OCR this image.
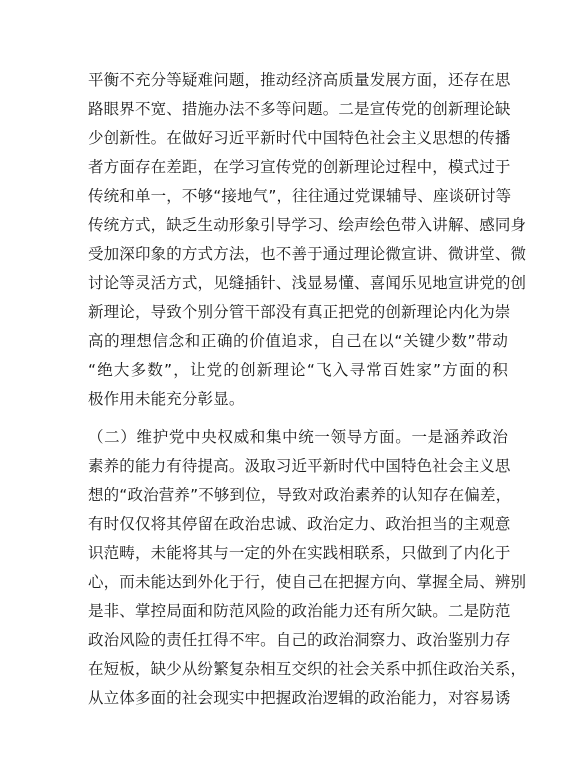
平衡不充分等疑难问题，推动经济高质量发展方面，还存在思
路眼界不宽、措施办法不多等问题。二是宣传党的创新理论缺
少创新性。在做好习近平新时代中国特色社会主义思想的传播
者方面存在差距，在学习宣传党的创新理论过程中，模式过于
传统和单一，不够“接地气”，往往通过党课辅导、座谈研讨等
传统方式，缺乏生动形象引导学习、绘声绘色带入讲解、感同身
受加深印象的方式方法，也不善于通过理论微宣讲、微讲堂、微
讨论等灵活方式，见缝插针、浅显易懂、喜闻乐见地宣讲党的创
新理论，导致个别分管干部没有真正把党的创新理论内化为崇
高的理想信念和正确的价值追求，自己在以“关键少数”带动
“绝大多数”，让党的创新理论“飞入寻常百姓家”方面的积
极作用未能充分彰显。
（二）维护党中央权威和集中统一领导方面。一是涵养政治
素养的能力有待提高。汲取习近平新时代中国特色社会主义思
想的“政治营养”不够到位，导致对政治素养的认知存在偏差，
有时仅仅将其停留在政治忠诚、政治定力、政治担当的主观意
识范畴，未能将其与一定的外在实践相联系，只做到了内化于
心，而未能达到外化于行，使自己在把握方向、掌握全局、辨别
是非、掌控局面和防范风险的政治能力还有所欠缺。二是防范
政治风险的责任扛得不牢。自己的政治洞察力、政治鉴别力存
在短板，缺少从纷繁复杂相互交织的社会关系中抓住政治关系，
从立体多面的社会现实中把握政治逻辑的政治能力，对容易诱
